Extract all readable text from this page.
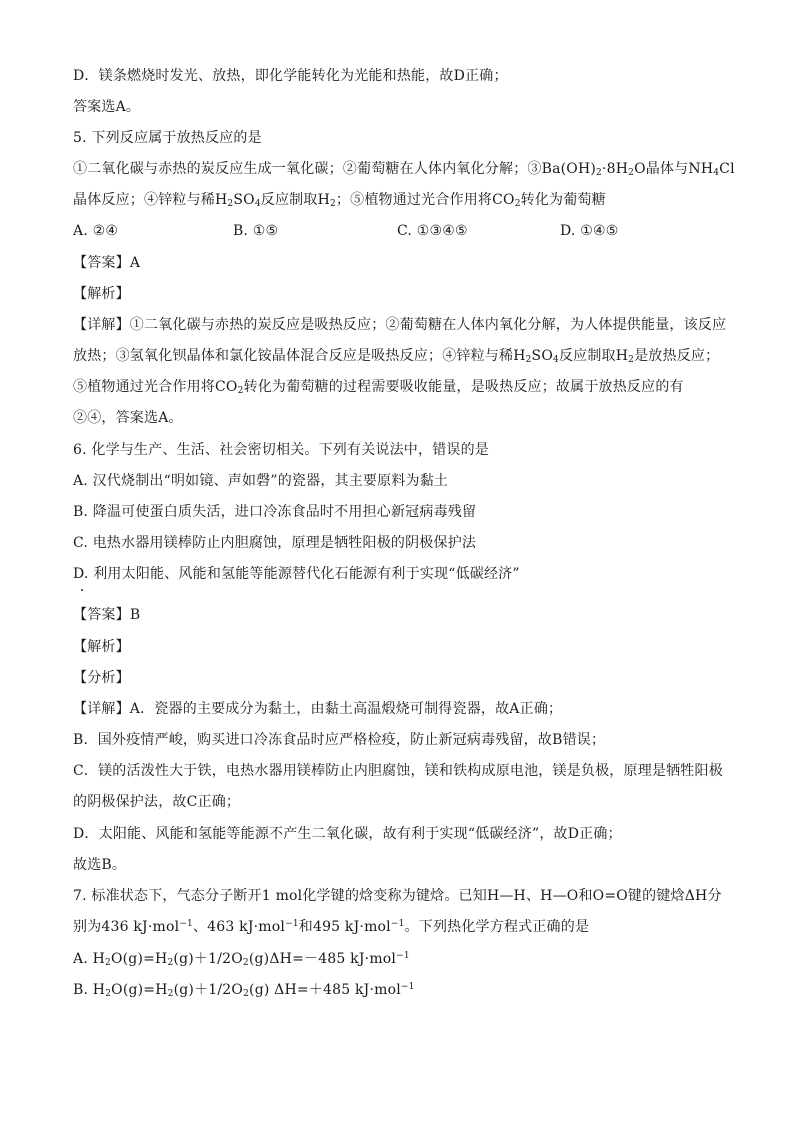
D．镁条燃烧时发光、放热，即化学能转化为光能和热能，故D正确；
答案选A。
5. 下列反应属于放热反应的是
①二氧化碳与赤热的炭反应生成一氧化碳；②葡萄糖在人体内氧化分解；$③Ba(OH)_2\cdot 8H_2O$晶体与$NH_4Cl$
晶体反应；④锌粒与稀$H_2SO_4$反应制取$H_2$；⑤植物通过光合作用将$CO_2$转化为葡萄糖
A. ②④	B. ①⑤	C. ①③④⑤	D. ①④⑤
【答案】A
【解析】
【详解】①二氧化碳与赤热的炭反应是吸热反应；②葡萄糖在人体内氧化分解，为人体提供能量，该反应
放热；③氢氧化钡晶体和氯化铵晶体混合反应是吸热反应；④锌粒与稀$H_2SO_4$反应制取$H_2$是放热反应；
⑤植物通过光合作用将$CO_2$转化为葡萄糖的过程需要吸收能量，是吸热反应；故属于放热反应的有
②④，答案选A。
6. 化学与生产、生活、社会密切相关。下列有关说法中，错误的是
A. 汉代烧制出“明如镜、声如磬”的瓷器，其主要原料为黏土
B. 降温可使蛋白质失活，进口冷冻食品时不用担心新冠病毒残留
C. 电热水器用镁棒防止内胆腐蚀，原理是牺牲阳极的阴极保护法
D. 利用太阳能、风能和氢能等能源替代化石能源有利于实现“低碳经济”
【答案】B
【解析】
【分析】
【详解】A．瓷器的主要成分为黏土，由黏土高温煅烧可制得瓷器，故A正确；
B．国外疫情严峻，购买进口冷冻食品时应严格检疫，防止新冠病毒残留，故B错误；
C．镁的活泼性大于铁，电热水器用镁棒防止内胆腐蚀，镁和铁构成原电池，镁是负极，原理是牺牲阳极
的阴极保护法，故C正确；
D．太阳能、风能和氢能等能源不产生二氧化碳，故有利于实现“低碳经济”，故D正确；
故选B。
7. 标准状态下，气态分子断开1 mol化学键的焓变称为键焓。已知H—H、H—O和O=O键的键焓ΔH分
别为436 kJ·mol$^{-1}$、463 kJ·mol$^{-1}$和495 kJ·mol$^{-1}$。下列热化学方程式正确的是
A. $H_2O(g)=H_2(g)+1/2O_2(g)\Delta H=-485$ kJ·mol$^{-1}$
B. $H_2O(g)=H_2(g)+1/2O_2(g)$ ΔH=＋485 kJ·mol$^{-1}$
